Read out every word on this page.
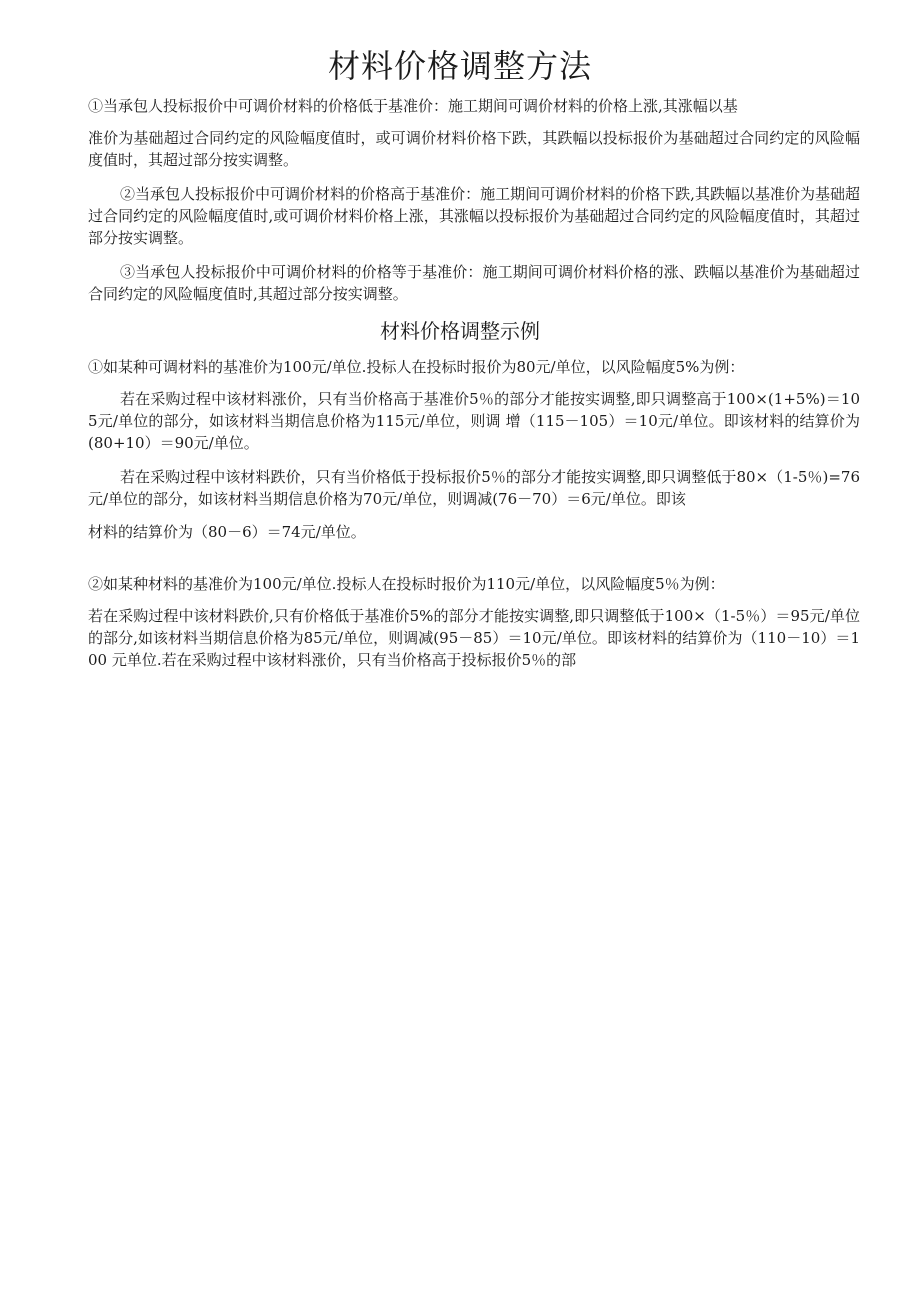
材料价格调整方法

①当承包人投标报价中可调价材料的价格低于基准价：施工期间可调价材料的价格上涨,其涨幅以基

准价为基础超过合同约定的风险幅度值时，或可调价材料价格下跌，其跌幅以投标报价为基础超过合同约定的风险幅度值时，其超过部分按实调整。

②当承包人投标报价中可调价材料的价格高于基准价：施工期间可调价材料的价格下跌,其跌幅以基准价为基础超过合同约定的风险幅度值时,或可调价材料价格上涨，其涨幅以投标报价为基础超过合同约定的风险幅度值时，其超过部分按实调整。

③当承包人投标报价中可调价材料的价格等于基准价：施工期间可调价材料价格的涨、跌幅以基准价为基础超过合同约定的风险幅度值时,其超过部分按实调整。

材料价格调整示例

①如某种可调材料的基准价为100元/单位.投标人在投标时报价为80元/单位，以风险幅度5%为例：

若在采购过程中该材料涨价，只有当价格高于基准价5％的部分才能按实调整,即只调整高于100×(1+5%)＝105元/单位的部分，如该材料当期信息价格为115元/单位，则调 增（115－105）＝10元/单位。即该材料的结算价为(80+10）＝90元/单位。

若在采购过程中该材料跌价，只有当价格低于投标报价5％的部分才能按实调整,即只调整低于80×（1-5％)=76元/单位的部分，如该材料当期信息价格为70元/单位，则调减(76－70）＝6元/单位。即该

材料的结算价为（80－6）＝74元/单位。

②如某种材料的基准价为100元/单位.投标人在投标时报价为110元/单位，以风险幅度5％为例：

若在采购过程中该材料跌价,只有价格低于基准价5%的部分才能按实调整,即只调整低于100×（1-5％）＝95元/单位的部分,如该材料当期信息价格为85元/单位，则调减(95－85）＝10元/单位。即该材料的结算价为（110－10）＝100 元单位.若在采购过程中该材料涨价，只有当价格高于投标报价5％的部
